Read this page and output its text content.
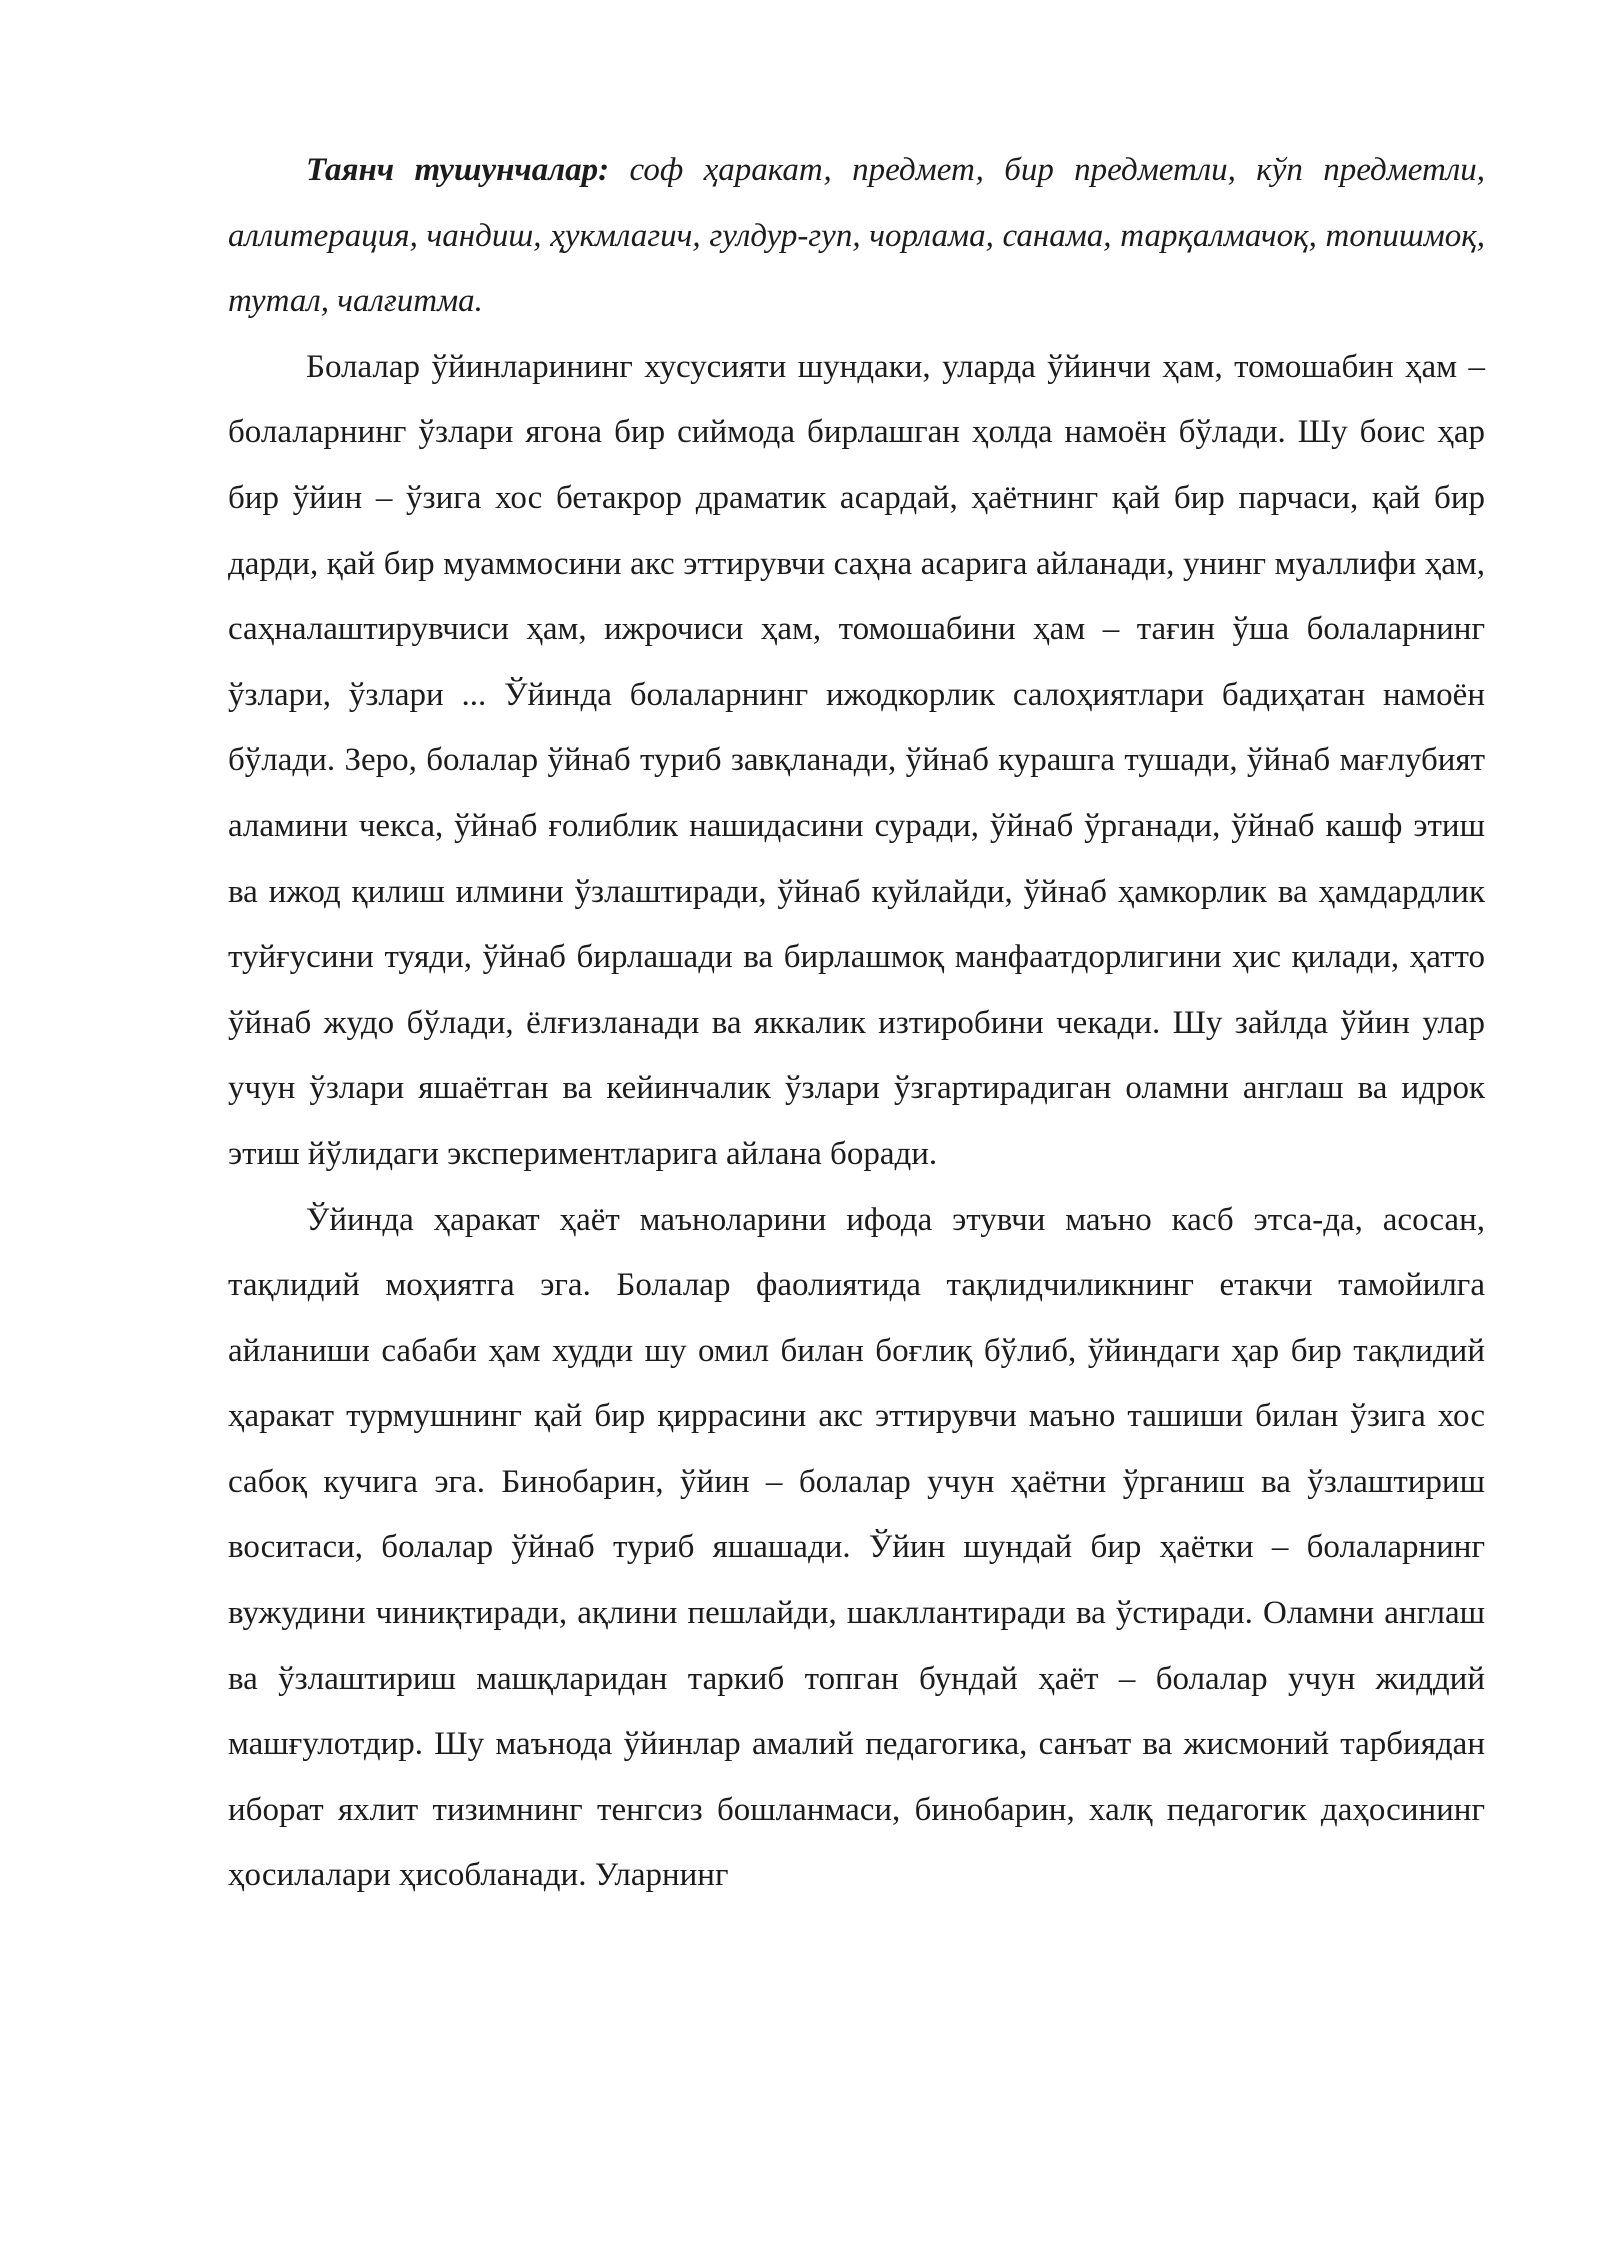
Таянч тушунчалар: соф ҳаракат, предмет, бир предметли, кўп предметли, аллитерация, чандиш, ҳукмлагич, гулдур-гуп, чорлама, санама, тарқалмачоқ, топишмоқ, тутал, чалғитма.

Болалар ўйинларининг хусусияти шундаки, уларда ўйинчи ҳам, томошабин ҳам – болаларнинг ўзлари ягона бир сиймода бирлашган ҳолда намоён бўлади. Шу боис ҳар бир ўйин – ўзига хос бетакрор драматик асардай, ҳаётнинг қай бир парчаси, қай бир дарди, қай бир муаммосини акс эттирувчи саҳна асарига айланади, унинг муаллифи ҳам, саҳналаштирувчиси ҳам, ижрочиси ҳам, томошабини ҳам – тағин ўша болаларнинг ўзлари, ўзлари ... Ўйинда болаларнинг ижодкорлик салоҳиятлари бадиҳатан намоён бўлади. Зеро, болалар ўйнаб туриб завқланади, ўйнаб курашга тушади, ўйнаб мағлубият аламини чекса, ўйнаб ғолиблик нашидасини суради, ўйнаб ўрганади, ўйнаб кашф этиш ва ижод қилиш илмини ўзлаштиради, ўйнаб куйлайди, ўйнаб ҳамкорлик ва ҳамдардлик туйғусини туяди, ўйнаб бирлашади ва бирлашмоқ манфаатдорлигини ҳис қилади, ҳатто ўйнаб жудо бўлади, ёлғизланади ва яккалик изтиробини чекади. Шу зайлда ўйин улар учун ўзлари яшаётган ва кейинчалик ўзлари ўзгартирадиган оламни англаш ва идрок этиш йўлидаги экспериментларига айлана боради.

Ўйинда ҳаракат ҳаёт маъноларини ифода этувчи маъно касб этса-да, асосан, тақлидий моҳиятга эга. Болалар фаолиятида тақлидчиликнинг етакчи тамойилга айланиши сабаби ҳам худди шу омил билан боғлиқ бўлиб, ўйиндаги ҳар бир тақлидий ҳаракат турмушнинг қай бир қиррасини акс эттирувчи маъно ташиши билан ўзига хос сабоқ кучига эга. Бинобарин, ўйин – болалар учун ҳаётни ўрганиш ва ўзлаштириш воситаси, болалар ўйнаб туриб яшашади. Ўйин шундай бир ҳаётки – болаларнинг вужудини чиниқтиради, ақлини пешлайди, шакллантиради ва ўстиради. Оламни англаш ва ўзлаштириш машқларидан таркиб топган бундай ҳаёт – болалар учун жиддий машғулотдир. Шу маънода ўйинлар амалий педагогика, санъат ва жисмоний тарбиядан иборат яхлит тизимнинг тенгсиз бошланмаси, бинобарин, халқ педагогик даҳосининг ҳосилалари ҳисобланади. Уларнинг
